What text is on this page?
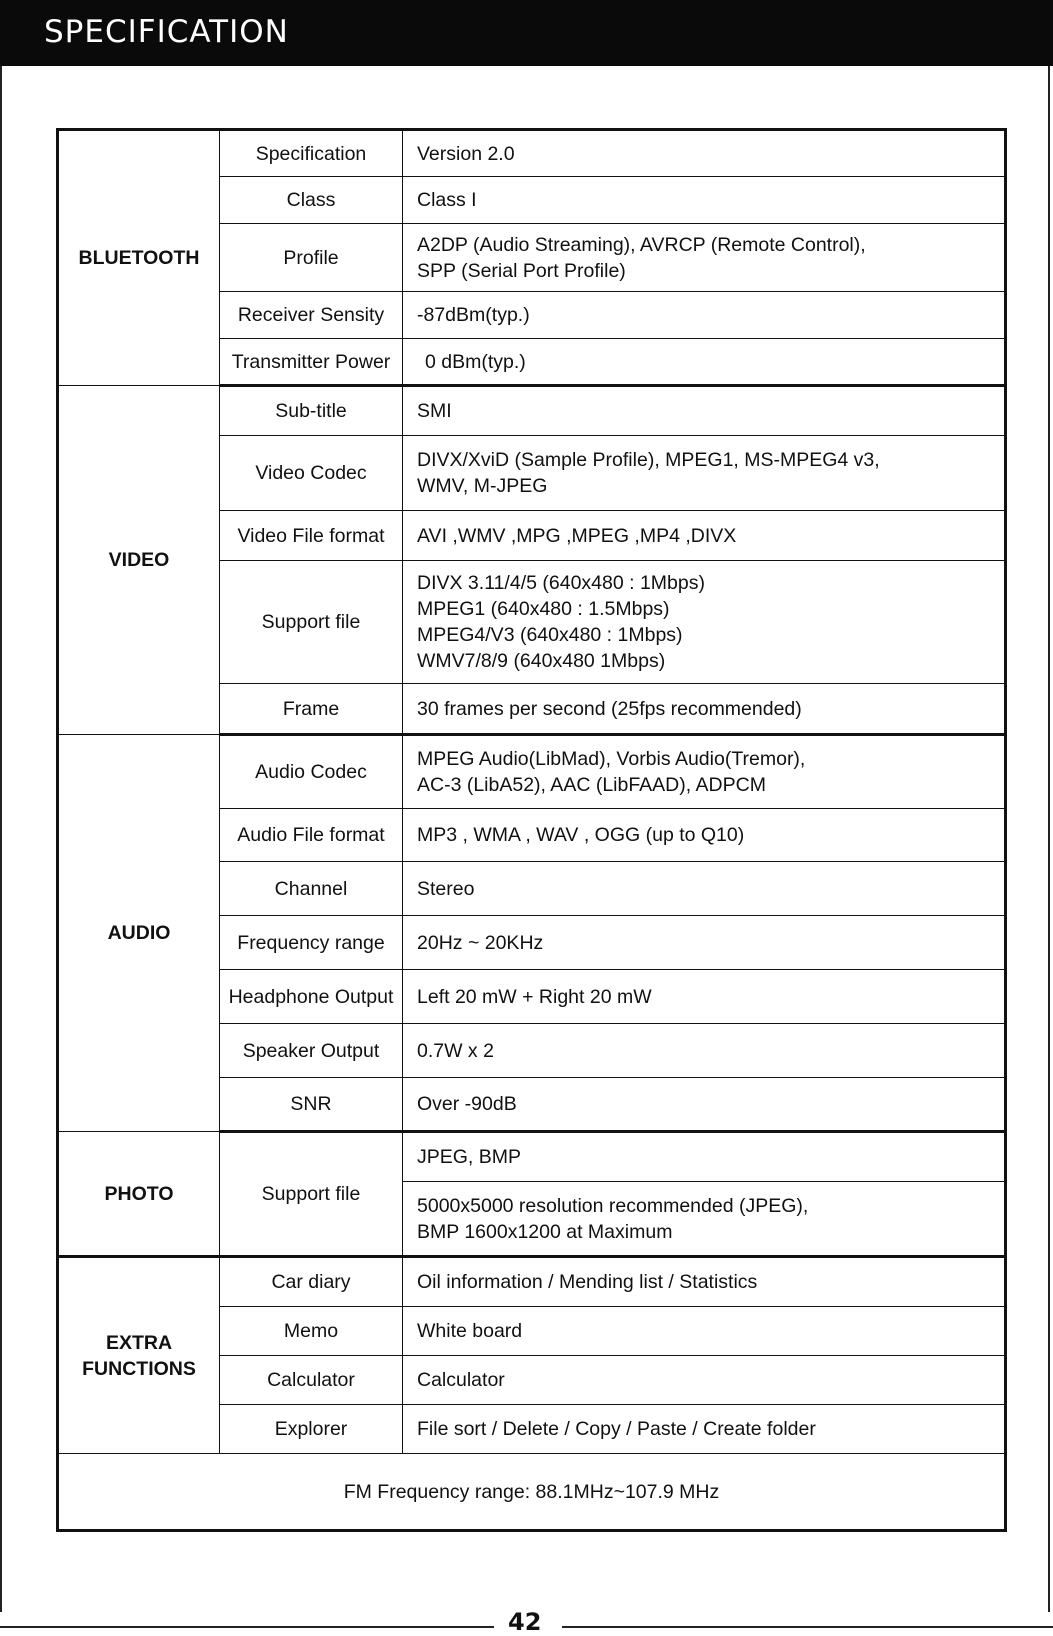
SPECIFICATION
BLUETOOTH	Specification	Version 2.0
	Class	Class I
	Profile	A2DP (Audio Streaming), AVRCP (Remote Control),
SPP (Serial Port Profile)

	Receiver Sensity	-87dBm(typ.)
	Transmitter Power	0 dBm(typ.)
VIDEO	Sub-title	SMI
	Video Codec	DIVX/XviD (Sample Profile), MPEG1, MS-MPEG4 v3,
WMV, M-JPEG

	Video File format	AVI ,WMV ,MPG ,MPEG ,MP4 ,DIVX
	Support file	DIVX 3.11/4/5 (640x480 : 1Mbps)
MPEG1 (640x480 : 1.5Mbps)
MPEG4/V3 (640x480 : 1Mbps)
WMV7/8/9 (640x480 1Mbps)

	Frame	30 frames per second (25fps recommended)
AUDIO	Audio Codec	MPEG Audio(LibMad), Vorbis Audio(Tremor),
AC-3 (LibA52), AAC (LibFAAD), ADPCM

	Audio File format	MP3 , WMA , WAV , OGG (up to Q10)
	Channel	Stereo
	Frequency range	20Hz ~ 20KHz
	Headphone Output	Left 20 mW + Right 20 mW
	Speaker Output	0.7W x 2
	SNR	Over -90dB
PHOTO	Support file	JPEG, BMP

		5000x5000 resolution recommended (JPEG),
BMP 1600x1200 at Maximum

EXTRA
FUNCTIONS	Car diary	Oil information / Mending list / Statistics
	Memo	White board
	Calculator	Calculator
	Explorer	File sort / Delete / Copy / Paste / Create folder
FM Frequency range: 88.1MHz~107.9 MHz		
42
